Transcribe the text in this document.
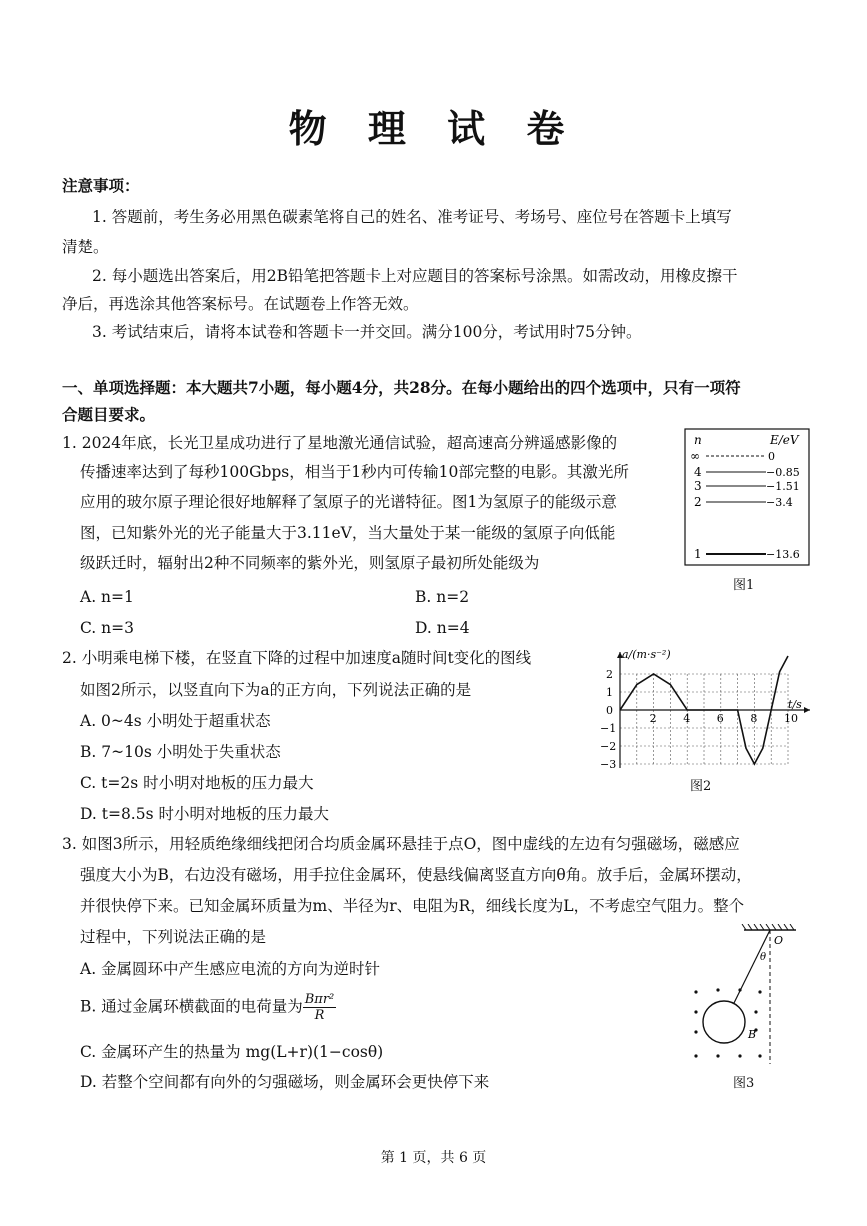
物 理 试 卷
注意事项：
1. 答题前，考生务必用黑色碳素笔将自己的姓名、准考证号、考场号、座位号在答题卡上填写
清楚。
2. 每小题选出答案后，用2B铅笔把答题卡上对应题目的答案标号涂黑。如需改动，用橡皮擦干
净后，再选涂其他答案标号。在试题卷上作答无效。
3. 考试结束后，请将本试卷和答题卡一并交回。满分100分，考试用时75分钟。
一、单项选择题：本大题共7小题，每小题4分，共28分。在每小题给出的四个选项中，只有一项符
合题目要求。
1. 2024年底，长光卫星成功进行了星地激光通信试验，超高速高分辨遥感影像的
传播速率达到了每秒100Gbps，相当于1秒内可传输10部完整的电影。其激光所
应用的玻尔原子理论很好地解释了氢原子的光谱特征。图1为氢原子的能级示意
图，已知紫外光的光子能量大于3.11eV，当大量处于某一能级的氢原子向低能
级跃迁时，辐射出2种不同频率的紫外光，则氢原子最初所处能级为
A. n=1	B. n=2
C. n=3	D. n=4
n	E/eV
∞	0
4	−0.85
3	−1.51
2	−3.4
1	−13.6
图1
2. 小明乘电梯下楼，在竖直下降的过程中加速度a随时间t变化的图线
如图2所示，以竖直向下为a的正方向，下列说法正确的是
A. 0~4s 小明处于超重状态
B. 7~10s 小明处于失重状态
C. t=2s 时小明对地板的压力最大
D. t=8.5s 时小明对地板的压力最大
2 4 6 8 10
2
1
0
−1
−2
−3
a/(m·s⁻²)
t/s
图2
3. 如图3所示，用轻质绝缘细线把闭合均质金属环悬挂于点O，图中虚线的左边有匀强磁场，磁感应
强度大小为B，右边没有磁场，用手拉住金属环，使悬线偏离竖直方向θ角。放手后，金属环摆动，
并很快停下来。已知金属环质量为m、半径为r、电阻为R，细线长度为L，不考虑空气阻力。整个
过程中，下列说法正确的是
A. 金属圆环中产生感应电流的方向为逆时针
B. 通过金属环横截面的电荷量为 $\frac{\text{Bπr²}}{R}$
C. 金属环产生的热量为 mg(L+r)(1−cosθ)
D. 若整个空间都有向外的匀强磁场，则金属环会更快停下来
O
θ
B
图3
第 1 页，共 6 页
